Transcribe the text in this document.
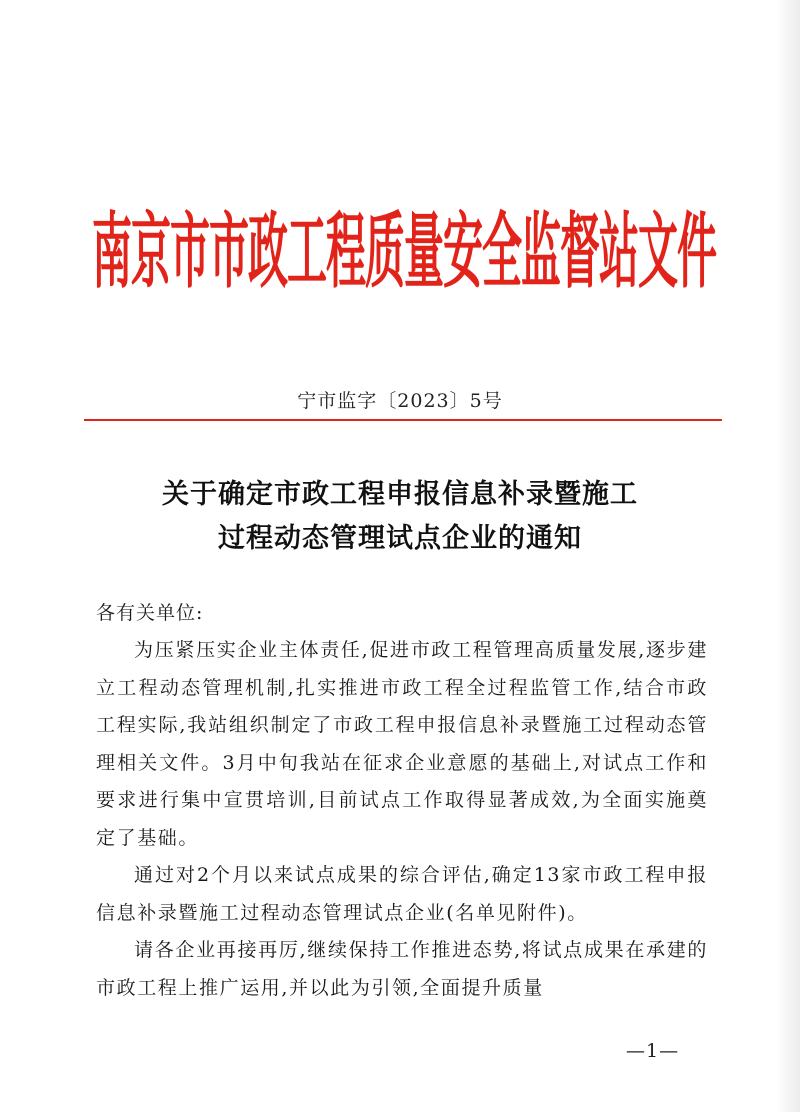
南京市市政工程质量安全监督站文件
宁市监字〔2023〕5号
关于确定市政工程申报信息补录暨施工
过程动态管理试点企业的通知
各有关单位:
为压紧压实企业主体责任,促进市政工程管理高质量发展,逐步建立工程动态管理机制,扎实推进市政工程全过程监管工作,结合市政工程实际,我站组织制定了市政工程申报信息补录暨施工过程动态管理相关文件。3月中旬我站在征求企业意愿的基础上,对试点工作和要求进行集中宣贯培训,目前试点工作取得显著成效,为全面实施奠定了基础。
通过对2个月以来试点成果的综合评估,确定13家市政工程申报信息补录暨施工过程动态管理试点企业(名单见附件)。
请各企业再接再厉,继续保持工作推进态势,将试点成果在承建的市政工程上推广运用,并以此为引领,全面提升质量
—1—
